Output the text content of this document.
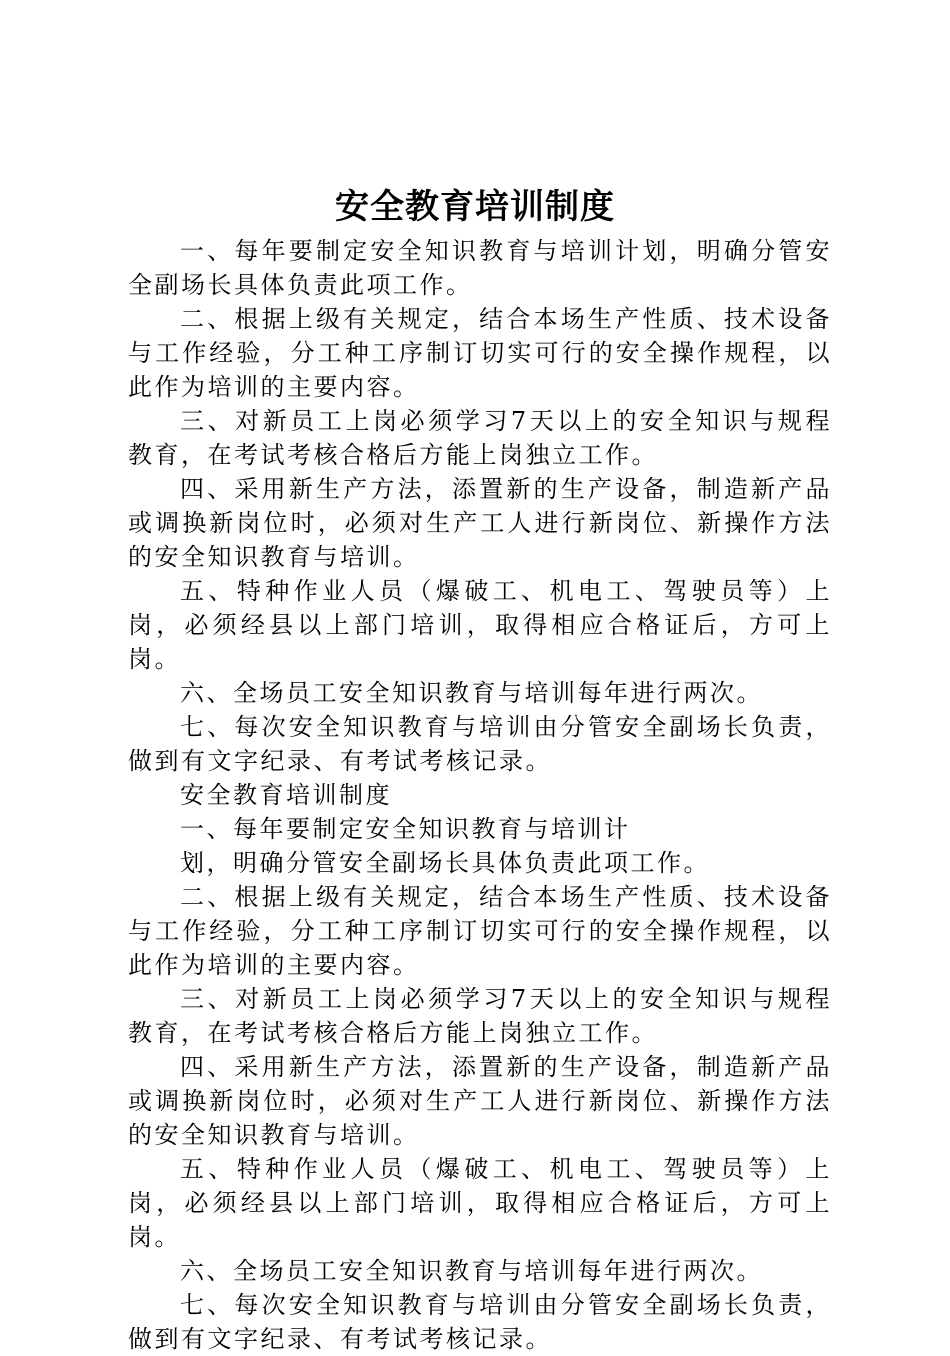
安全教育培训制度

一、每年要制定安全知识教育与培训计划，明确分管安全副场长具体负责此项工作。

二、根据上级有关规定，结合本场生产性质、技术设备与工作经验，分工种工序制订切实可行的安全操作规程，以此作为培训的主要内容。

三、对新员工上岗必须学习7天以上的安全知识与规程教育，在考试考核合格后方能上岗独立工作。

四、采用新生产方法，添置新的生产设备，制造新产品或调换新岗位时，必须对生产工人进行新岗位、新操作方法的安全知识教育与培训。

五、特种作业人员（爆破工、机电工、驾驶员等）上岗，必须经县以上部门培训，取得相应合格证后，方可上岗。

六、全场员工安全知识教育与培训每年进行两次。

七、每次安全知识教育与培训由分管安全副场长负责，做到有文字纪录、有考试考核记录。

安全教育培训制度

一、每年要制定安全知识教育与培训计

划，明确分管安全副场长具体负责此项工作。

二、根据上级有关规定，结合本场生产性质、技术设备与工作经验，分工种工序制订切实可行的安全操作规程，以此作为培训的主要内容。

三、对新员工上岗必须学习7天以上的安全知识与规程教育，在考试考核合格后方能上岗独立工作。

四、采用新生产方法，添置新的生产设备，制造新产品或调换新岗位时，必须对生产工人进行新岗位、新操作方法的安全知识教育与培训。

五、特种作业人员（爆破工、机电工、驾驶员等）上岗，必须经县以上部门培训，取得相应合格证后，方可上岗。

六、全场员工安全知识教育与培训每年进行两次。

七、每次安全知识教育与培训由分管安全副场长负责，做到有文字纪录、有考试考核记录。
